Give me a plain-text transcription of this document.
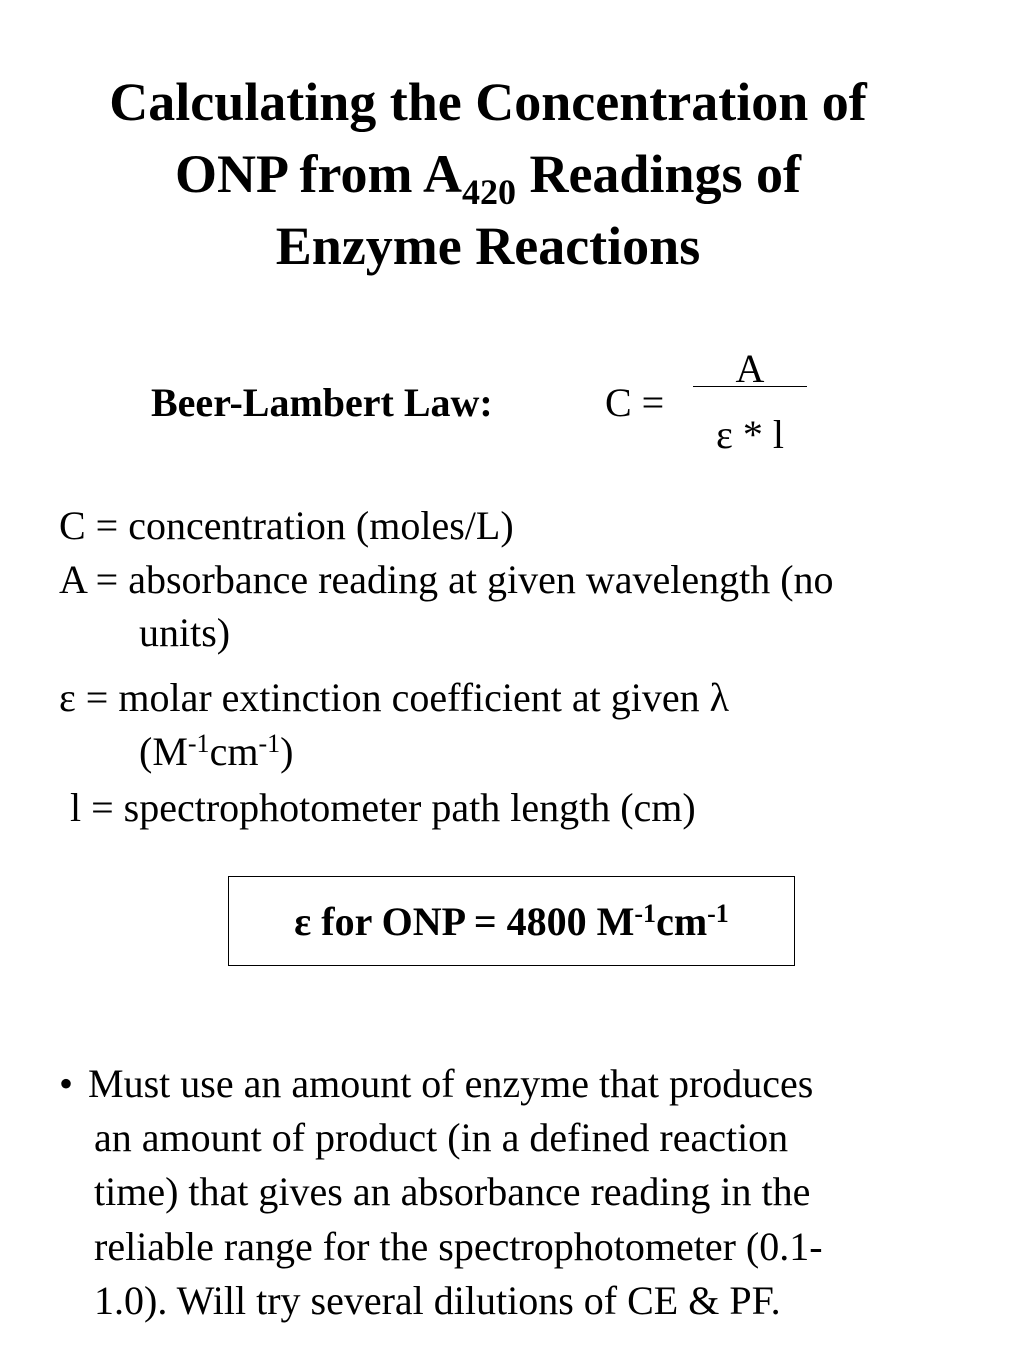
Calculating the Concentration of
ONP from $A_{420}$ Readings of
Enzyme Reactions
Beer-Lambert Law:	C =
A
ε * l
C = concentration (moles/L)
A = absorbance reading at given wavelength (no
units)
ε = molar extinction coefficient at given λ
$(M^{-1}cm^{-1})$
l = spectrophotometer path length (cm)
ε for ONP = 4800 $M^{-1}cm^{-1}$
• Must use an amount of enzyme that produces
an amount of product (in a defined reaction
time) that gives an absorbance reading in the
reliable range for the spectrophotometer (0.1-
1.0). Will try several dilutions of CE & PF.
